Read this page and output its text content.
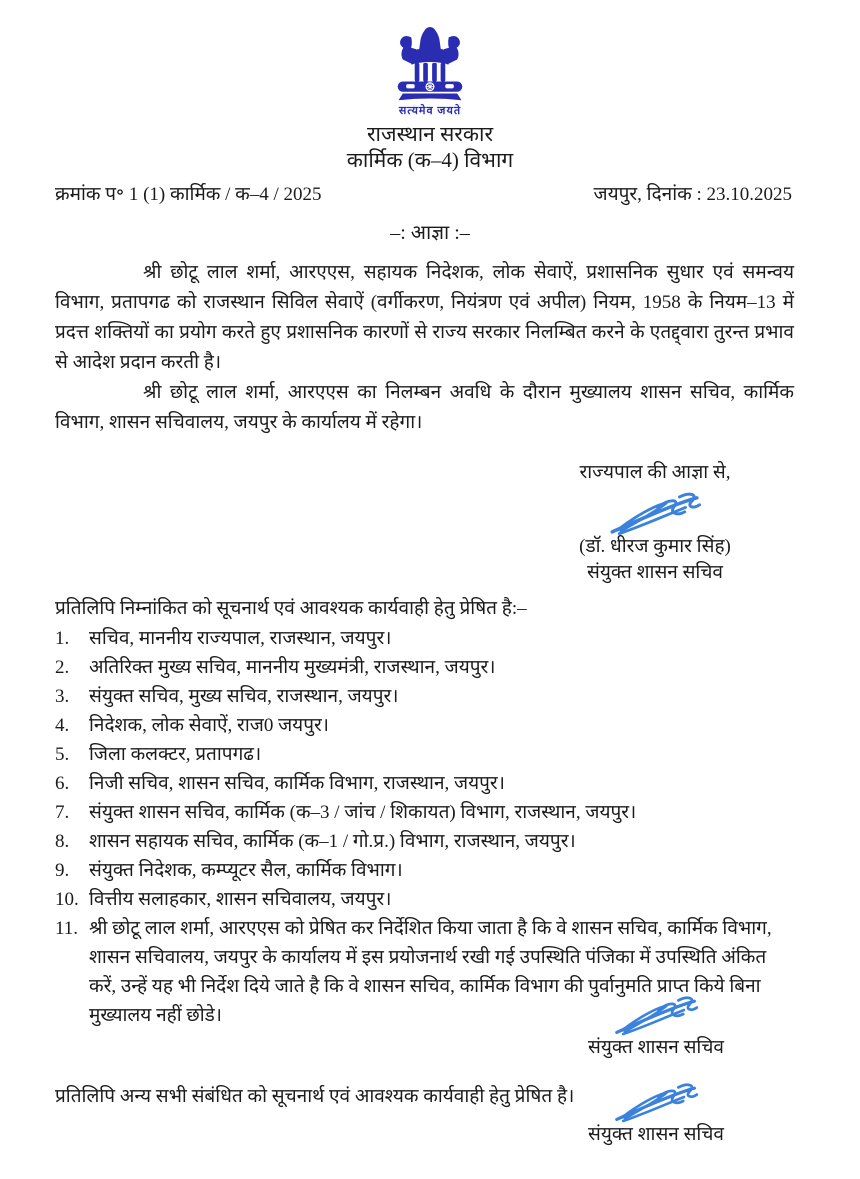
सत्यमेव जयते
राजस्थान सरकार
कार्मिक (क–4) विभाग
क्रमांक प॰ 1 (1) कार्मिक / क–4 / 2025	जयपुर, दिनांक : 23.10.2025
–: आज्ञा :–

श्री छोटू लाल शर्मा, आरएएस, सहायक निदेशक, लोक सेवाऐं, प्रशासनिक सुधार एवं समन्वय विभाग, प्रतापगढ को राजस्थान सिविल सेवाऐं (वर्गीकरण, नियंत्रण एवं अपील) नियम, 1958 के नियम–13 में प्रदत्त शक्तियों का प्रयोग करते हुए प्रशासनिक कारणों से राज्य सरकार निलम्बित करने के एतद्द्वारा तुरन्त प्रभाव से आदेश प्रदान करती है।

श्री छोटू लाल शर्मा, आरएएस का निलम्बन अवधि के दौरान मुख्यालय शासन सचिव, कार्मिक विभाग, शासन सचिवालय, जयपुर के कार्यालय में रहेगा।

राज्यपाल की आज्ञा से,
(डॉ. धीरज कुमार सिंह)
संयुक्त शासन सचिव
प्रतिलिपि निम्नांकित को सूचनार्थ एवं आवश्यक कार्यवाही हेतु प्रेषित है:–
1.	सचिव, माननीय राज्यपाल, राजस्थान, जयपुर।
2.	अतिरिक्त मुख्य सचिव, माननीय मुख्यमंत्री, राजस्थान, जयपुर।
3.	संयुक्त सचिव, मुख्य सचिव, राजस्थान, जयपुर।
4.	निदेशक, लोक सेवाऐं, राज0 जयपुर।
5.	जिला कलक्टर, प्रतापगढ।
6.	निजी सचिव, शासन सचिव, कार्मिक विभाग, राजस्थान, जयपुर।
7.	संयुक्त शासन सचिव, कार्मिक (क–3 / जांच / शिकायत) विभाग, राजस्थान, जयपुर।
8.	शासन सहायक सचिव, कार्मिक (क–1 / गो.प्र.) विभाग, राजस्थान, जयपुर।
9.	संयुक्त निदेशक, कम्प्यूटर सैल, कार्मिक विभाग।
10. वित्तीय सलाहकार, शासन सचिवालय, जयपुर।
11. श्री छोटू लाल शर्मा, आरएएस को प्रेषित कर निर्देशित किया जाता है कि वे शासन सचिव, कार्मिक विभाग, शासन सचिवालय, जयपुर के कार्यालय में इस प्रयोजनार्थ रखी गई उपस्थिति पंजिका में उपस्थिति अंकित करें, उन्हें यह भी निर्देश दिये जाते है कि वे शासन सचिव, कार्मिक विभाग की पुर्वानुमति प्राप्त किये बिना मुख्यालय नहीं छोडे।
संयुक्त शासन सचिव
प्रतिलिपि अन्य सभी संबंधित को सूचनार्थ एवं आवश्यक कार्यवाही हेतु प्रेषित है।
संयुक्त शासन सचिव
